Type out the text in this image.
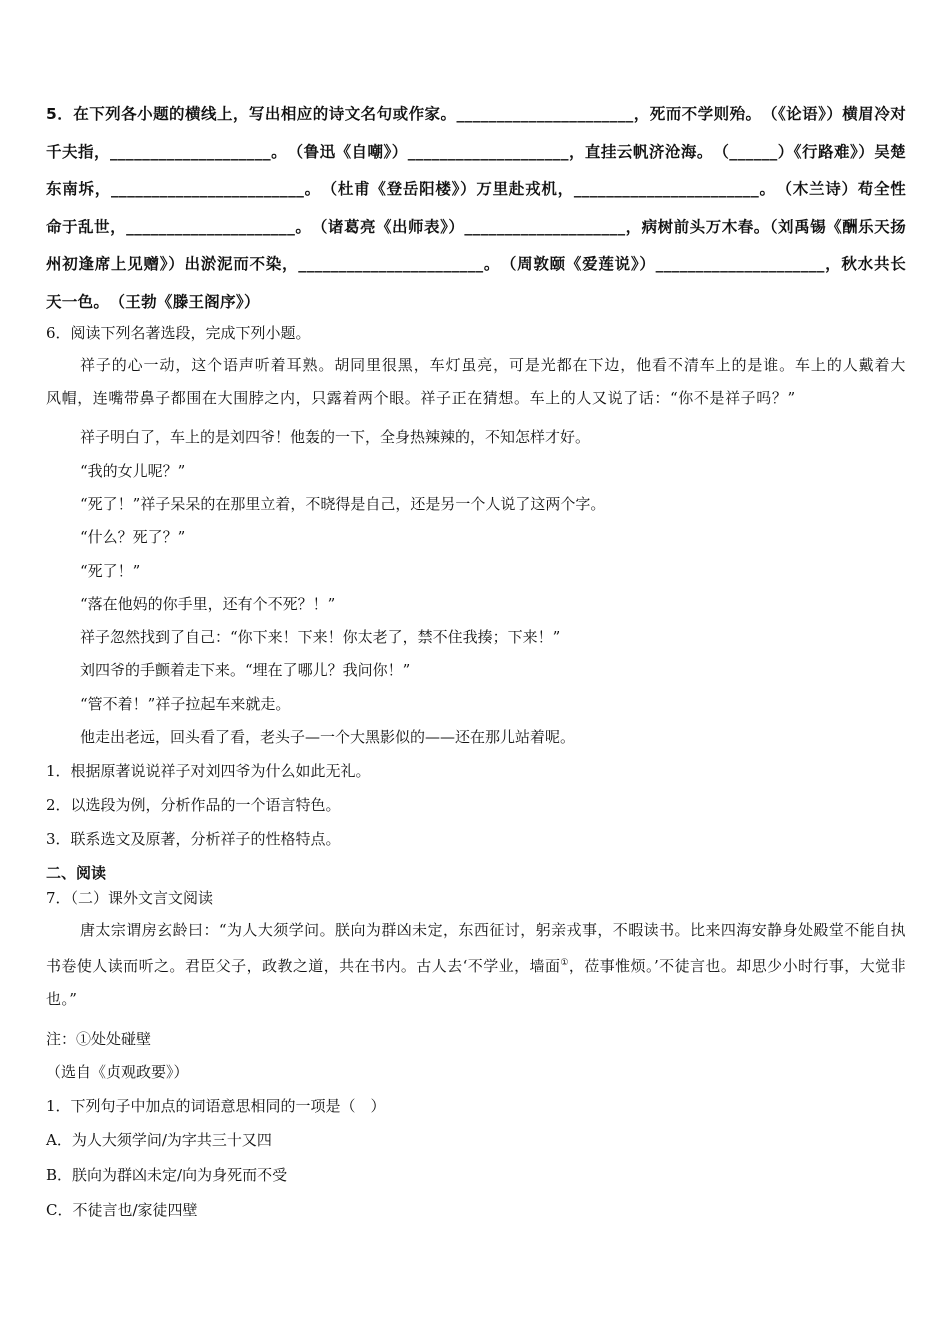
5．在下列各小题的横线上，写出相应的诗文名句或作家。______________________，死而不学则殆。　（《论语》）横眉冷对千夫指，____________________。　（鲁迅《自嘲》）____________________，直挂云帆济沧海。　（______）《行路难》）吴楚东南坼，________________________。　（杜甫《登岳阳楼》）万里赴戎机，_______________________。　（木兰诗）苟全性命于乱世，_____________________。　（诸葛亮《出师表》）____________________，病树前头万木春。（刘禹锡《酬乐天扬州初逢席上见赠》）出淤泥而不染，_______________________。　（周敦颐《爱莲说》）_____________________，秋水共长天一色。　（王勃《滕王阁序》）
6．阅读下列名著选段，完成下列小题。
祥子的心一动，这个语声听着耳熟。胡同里很黑，车灯虽亮，可是光都在下边，他看不清车上的是谁。车上的人戴着大风帽，连嘴带鼻子都围在大围脖之内，只露着两个眼。祥子正在猜想。车上的人又说了话：“你不是祥子吗？”
祥子明白了，车上的是刘四爷！他轰的一下，全身热辣辣的，不知怎样才好。
“我的女儿呢？”
“死了！”祥子呆呆的在那里立着，不晓得是自己，还是另一个人说了这两个字。
“什么？死了？”
“死了！”
“落在他妈的你手里，还有个不死？！”
祥子忽然找到了自己：“你下来！下来！你太老了，禁不住我揍；下来！”
刘四爷的手颤着走下来。“埋在了哪儿？我问你！”
“管不着！”祥子拉起车来就走。
他走出老远，回头看了看，老头子—一个大黑影似的——还在那儿站着呢。
1．根据原著说说祥子对刘四爷为什么如此无礼。
2．以选段为例，分析作品的一个语言特色。
3．联系选文及原著，分析祥子的性格特点。
二、阅读
7．（二）课外文言文阅读
唐太宗谓房玄龄曰：“为人大须学问。朕向为群凶未定，东西征讨，躬亲戎事，不暇读书。比来四海安静身处殿堂不能自执书卷使人读而听之。君臣父子，政教之道，共在书内。古人去‘不学业，墙面①，莅事惟烦。’不徒言也。却思少小时行事，大觉非也。”
注：①处处碰壁
（选自《贞观政要》）
1．下列句子中加点的词语意思相同的一项是（　）
A．为人大须学问/为字共三十又四
B．朕向为群凶未定/向为身死而不受
C．不徒言也/家徒四壁
